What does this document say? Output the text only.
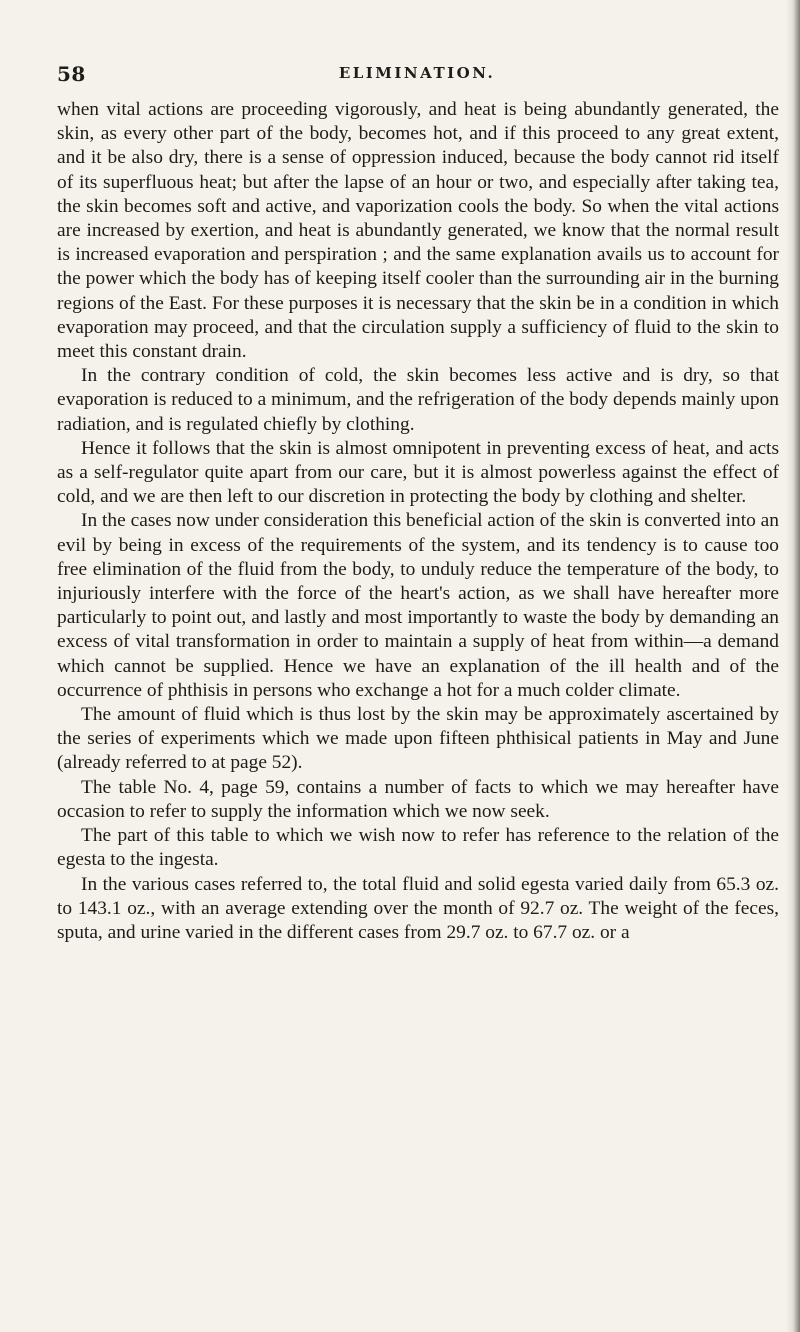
58	ELIMINATION.

when vital actions are proceeding vigorously, and heat is being abundantly generated, the skin, as every other part of the body, becomes hot, and if this proceed to any great extent, and it be also dry, there is a sense of oppression induced, because the body cannot rid itself of its superfluous heat; but after the lapse of an hour or two, and especially after taking tea, the skin becomes soft and active, and vaporization cools the body. So when the vital actions are increased by exertion, and heat is abundantly generated, we know that the normal result is increased evaporation and perspiration ; and the same explanation avails us to account for the power which the body has of keeping itself cooler than the surrounding air in the burning regions of the East. For these purposes it is necessary that the skin be in a condition in which evaporation may proceed, and that the circulation supply a sufficiency of fluid to the skin to meet this constant drain.

In the contrary condition of cold, the skin becomes less active and is dry, so that evaporation is reduced to a minimum, and the refrigeration of the body depends mainly upon radiation, and is regulated chiefly by clothing.

Hence it follows that the skin is almost omnipotent in preventing excess of heat, and acts as a self-regulator quite apart from our care, but it is almost powerless against the effect of cold, and we are then left to our discretion in protecting the body by clothing and shelter.

In the cases now under consideration this beneficial action of the skin is converted into an evil by being in excess of the requirements of the system, and its tendency is to cause too free elimination of the fluid from the body, to unduly reduce the temperature of the body, to injuriously interfere with the force of the heart's action, as we shall have hereafter more particularly to point out, and lastly and most importantly to waste the body by demanding an excess of vital transformation in order to maintain a supply of heat from within—a demand which cannot be supplied. Hence we have an explanation of the ill health and of the occurrence of phthisis in persons who exchange a hot for a much colder climate.

The amount of fluid which is thus lost by the skin may be approximately ascertained by the series of experiments which we made upon fifteen phthisical patients in May and June (already referred to at page 52).

The table No. 4, page 59, contains a number of facts to which we may hereafter have occasion to refer to supply the information which we now seek.

The part of this table to which we wish now to refer has reference to the relation of the egesta to the ingesta.

In the various cases referred to, the total fluid and solid egesta varied daily from 65.3 oz. to 143.1 oz., with an average extending over the month of 92.7 oz. The weight of the feces, sputa, and urine varied in the different cases from 29.7 oz. to 67.7 oz. or a
